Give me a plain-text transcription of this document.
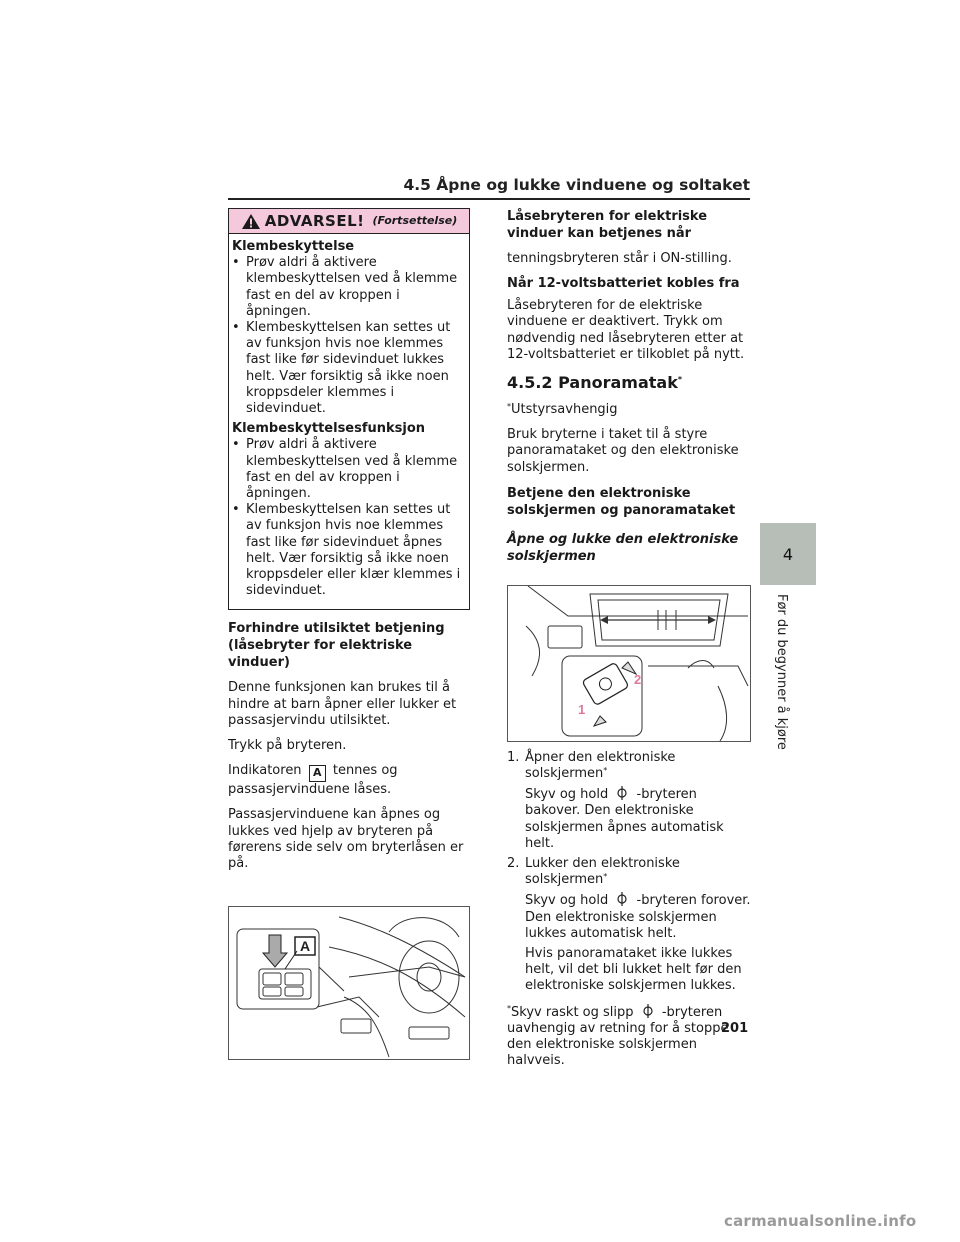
4.5 Åpne og lukke vinduene og soltaket
ADVARSEL! (Fortsettelse)
Klembeskyttelse
• Prøv aldri å aktivere klembeskyttelsen ved å klemme fast en del av kroppen i åpningen.
• Klembeskyttelsen kan settes ut av funksjon hvis noe klemmes fast like før sidevinduet lukkes helt. Vær forsiktig så ikke noen kroppsdeler klemmes i sidevinduet.
Klembeskyttelsesfunksjon
• Prøv aldri å aktivere klembeskyttelsen ved å klemme fast en del av kroppen i åpningen.
• Klembeskyttelsen kan settes ut av funksjon hvis noe klemmes fast like før sidevinduet åpnes helt. Vær forsiktig så ikke noen kroppsdeler eller klær klemmes i sidevinduet.
Forhindre utilsiktet betjening (låsebryter for elektriske vinduer)

Denne funksjonen kan brukes til å hindre at barn åpner eller lukker et passasjervindu utilsiktet.

Trykk på bryteren.

Indikatoren A tennes og passasjervinduene låses.

Passasjervinduene kan åpnes og lukkes ved hjelp av bryteren på førerens side selv om bryterlåsen er på.

A
Låsebryteren for elektriske vinduer kan betjenes når

tenningsbryteren står i ON-stilling.

Når 12-voltsbatteriet kobles fra

Låsebryteren for de elektriske vinduene er deaktivert. Trykk om nødvendig ned låsebryteren etter at 12-voltsbatteriet er tilkoblet på nytt.

4.5.2 Panoramatak*

*Utstyrsavhengig

Bruk bryterne i taket til å styre panoramataket og den elektroniske solskjermen.

Betjene den elektroniske solskjermen og panoramataket
Åpne og lukke den elektroniske solskjermen
2
1
1. Åpner den elektroniske solskjermen*
Skyv og hold -bryteren bakover. Den elektroniske solskjermen åpnes automatisk helt.
2. Lukker den elektroniske solskjermen*
Skyv og hold -bryteren forover. Den elektroniske solskjermen lukkes automatisk helt.
Hvis panoramataket ikke lukkes helt, vil det bli lukket helt før den elektroniske solskjermen lukkes.

*Skyv raskt og slipp -bryteren uavhengig av retning for å stoppe den elektroniske solskjermen halvveis.

4
Før du begynner å kjøre
201
carmanualsonline.info
